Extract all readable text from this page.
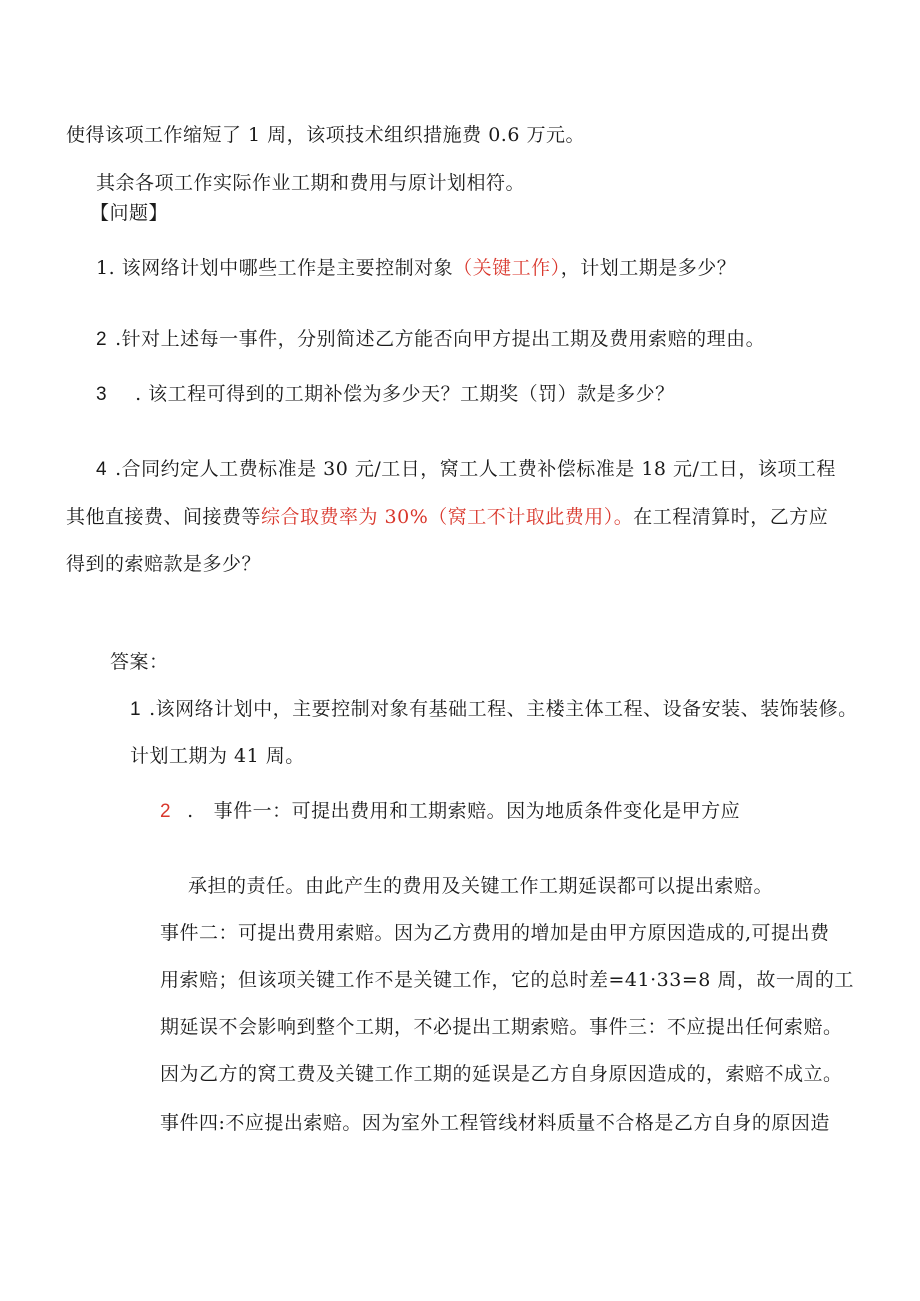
使得该项工作缩短了 1 周，该项技术组织措施费 0.6 万元。
其余各项工作实际作业工期和费用与原计划相符。
【问题】
1. 该网络计划中哪些工作是主要控制对象（关键工作），计划工期是多少？
2 .针对上述每一事件，分别简述乙方能否向甲方提出工期及费用索赔的理由。
3 . 该工程可得到的工期补偿为多少天？工期奖（罚）款是多少？
4 .合同约定人工费标准是 30 元/工日，窝工人工费补偿标准是 18 元/工日，该项工程
其他直接费、间接费等综合取费率为 30%（窝工不计取此费用）。在工程清算时，乙方应
得到的索赔款是多少？
答案：
1 .该网络计划中，主要控制对象有基础工程、主楼主体工程、设备安装、装饰装修。
计划工期为 41 周。
2 . 事件一：可提出费用和工期索赔。因为地质条件变化是甲方应
承担的责任。由此产生的费用及关键工作工期延误都可以提出索赔。
事件二：可提出费用索赔。因为乙方费用的增加是由甲方原因造成的,可提出费
用索赔；但该项关键工作不是关键工作，它的总时差=41·33=8 周，故一周的工
期延误不会影响到整个工期，不必提出工期索赔。事件三：不应提出任何索赔。
因为乙方的窝工费及关键工作工期的延误是乙方自身原因造成的，索赔不成立。
事件四:不应提出索赔。因为室外工程管线材料质量不合格是乙方自身的原因造
